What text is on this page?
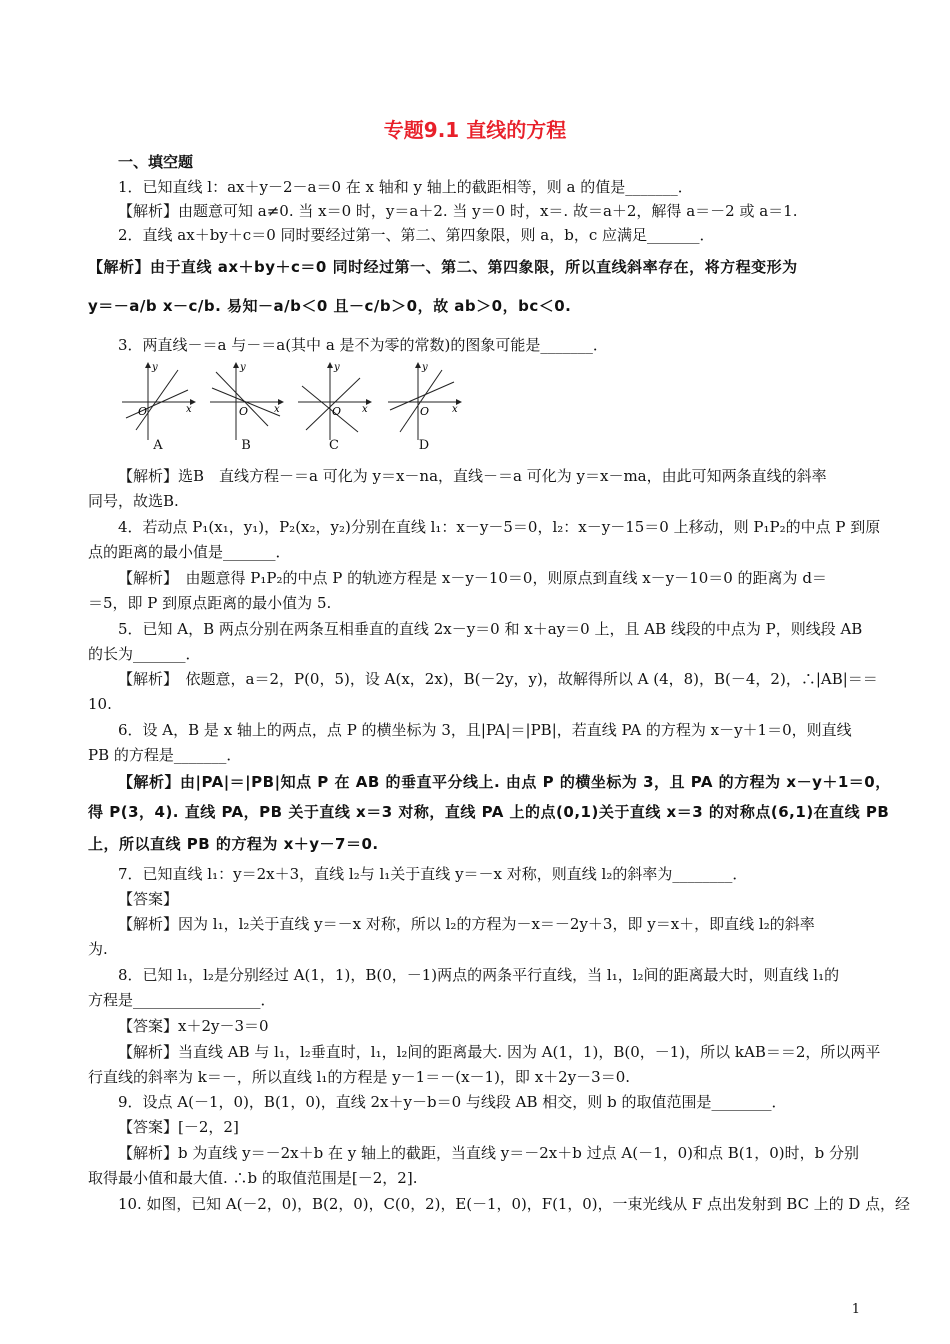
专题9.1 直线的方程
一、填空题
1．已知直线 l：ax＋y－2－a＝0 在 x 轴和 y 轴上的截距相等，则 a 的值是_______．
【解析】由题意可知 a≠0. 当 x＝0 时，y＝a＋2. 当 y＝0 时，x＝. 故＝a＋2，解得 a＝－2 或 a＝1.
2．直线 ax＋by＋c＝0 同时要经过第一、第二、第四象限，则 a，b，c 应满足_______．
【解析】由于直线 ax＋by＋c＝0 同时经过第一、第二、第四象限，所以直线斜率存在，将方程变形为
y＝－a/b x－c/b. 易知－a/b＜0 且－c/b＞0，故 ab＞0，bc＜0.
3．两直线－＝a 与－＝a(其中 a 是不为零的常数)的图象可能是_______．
O
y
x
A
O
y
x
B
O
y
x
C
O
y
x
D
【解析】选B　直线方程－＝a 可化为 y＝x－na，直线－＝a 可化为 y＝x－ma，由此可知两条直线的斜率
同号，故选B.
4．若动点 P₁(x₁，y₁)，P₂(x₂，y₂)分别在直线 l₁：x－y－5＝0，l₂：x－y－15＝0 上移动，则 P₁P₂的中点 P 到原
点的距离的最小值是_______．
【解析】　由题意得 P₁P₂的中点 P 的轨迹方程是 x－y－10＝0，则原点到直线 x－y－10＝0 的距离为 d＝
＝5，即 P 到原点距离的最小值为 5.
5．已知 A，B 两点分别在两条互相垂直的直线 2x－y＝0 和 x＋ay＝0 上，且 AB 线段的中点为 P，则线段 AB
的长为_______．
【解析】　依题意，a＝2，P(0，5)，设 A(x，2x)，B(－2y，y)，故解得所以 A (4，8)，B(－4，2)，∴|AB|＝＝
10.
6．设 A，B 是 x 轴上的两点，点 P 的横坐标为 3，且|PA|＝|PB|，若直线 PA 的方程为 x－y＋1＝0，则直线
PB 的方程是_______．
【解析】由|PA|＝|PB|知点 P 在 AB 的垂直平分线上. 由点 P 的横坐标为 3，且 PA 的方程为 x－y＋1＝0，
得 P(3，4). 直线 PA，PB 关于直线 x＝3 对称，直线 PA 上的点(0,1)关于直线 x＝3 的对称点(6,1)在直线 PB
上，所以直线 PB 的方程为 x＋y－7＝0.
7．已知直线 l₁：y＝2x＋3，直线 l₂与 l₁关于直线 y＝－x 对称，则直线 l₂的斜率为________．
【答案】
【解析】因为 l₁，l₂关于直线 y＝－x 对称，所以 l₂的方程为－x＝－2y＋3，即 y＝x＋，即直线 l₂的斜率
为.
8．已知 l₁，l₂是分别经过 A(1，1)，B(0，－1)两点的两条平行直线，当 l₁，l₂间的距离最大时，则直线 l₁的
方程是_________________．
【答案】x＋2y－3＝0
【解析】当直线 AB 与 l₁，l₂垂直时，l₁，l₂间的距离最大. 因为 A(1，1)，B(0，－1)，所以 kAB＝＝2，所以两平
行直线的斜率为 k＝－，所以直线 l₁的方程是 y－1＝－(x－1)，即 x＋2y－3＝0.
9．设点 A(－1，0)，B(1，0)，直线 2x＋y－b＝0 与线段 AB 相交，则 b 的取值范围是________．
【答案】[－2，2]
【解析】b 为直线 y＝－2x＋b 在 y 轴上的截距，当直线 y＝－2x＋b 过点 A(－1，0)和点 B(1，0)时，b 分别
取得最小值和最大值. ∴b 的取值范围是[－2，2].
10. 如图，已知 A(－2，0)，B(2，0)，C(0，2)，E(－1，0)，F(1，0)，一束光线从 F 点出发射到 BC 上的 D 点，经
1
